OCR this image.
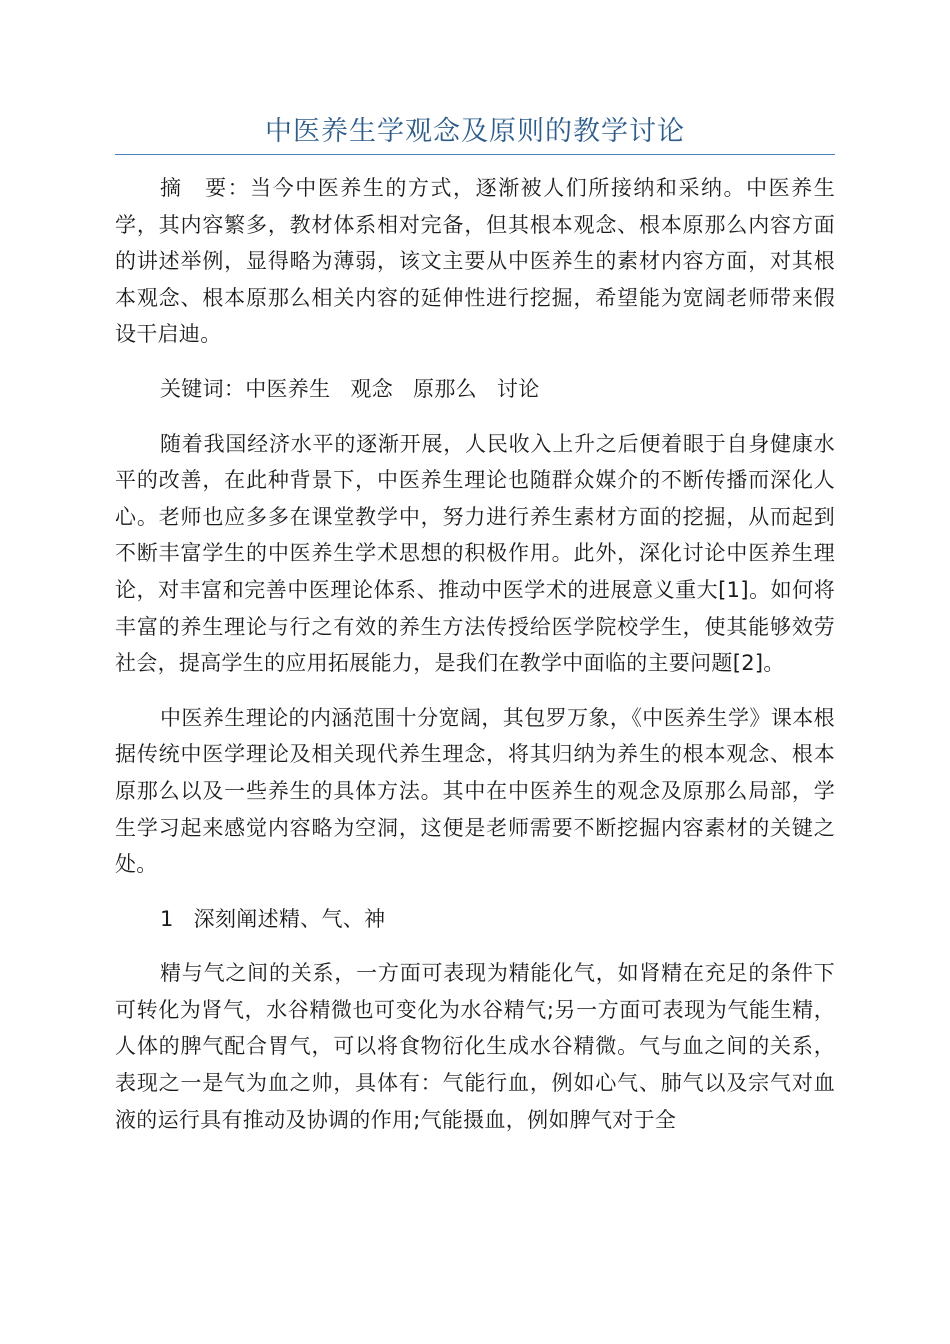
中医养生学观念及原则的教学讨论

摘　要：当今中医养生的方式，逐渐被人们所接纳和采纳。中医养生学，其内容繁多，教材体系相对完备，但其根本观念、根本原那么内容方面的讲述举例，显得略为薄弱，该文主要从中医养生的素材内容方面，对其根本观念、根本原那么相关内容的延伸性进行挖掘，希望能为宽阔老师带来假设干启迪。

关键词：中医养生 观念 原那么 讨论

随着我国经济水平的逐渐开展，人民收入上升之后便着眼于自身健康水平的改善，在此种背景下，中医养生理论也随群众媒介的不断传播而深化人心。老师也应多多在课堂教学中，努力进行养生素材方面的挖掘，从而起到不断丰富学生的中医养生学术思想的积极作用。此外，深化讨论中医养生理论，对丰富和完善中医理论体系、推动中医学术的进展意义重大[1]。如何将丰富的养生理论与行之有效的养生方法传授给医学院校学生，使其能够效劳社会，提高学生的应用拓展能力，是我们在教学中面临的主要问题[2]。

中医养生理论的内涵范围十分宽阔，其包罗万象，《中医养生学》课本根据传统中医学理论及相关现代养生理念，将其归纳为养生的根本观念、根本原那么以及一些养生的具体方法。其中在中医养生的观念及原那么局部，学生学习起来感觉内容略为空洞，这便是老师需要不断挖掘内容素材的关键之处。

1 深刻阐述精、气、神

精与气之间的关系，一方面可表现为精能化气，如肾精在充足的条件下可转化为肾气，水谷精微也可变化为水谷精气;另一方面可表现为气能生精，人体的脾气配合胃气，可以将食物衍化生成水谷精微。气与血之间的关系，表现之一是气为血之帅，具体有：气能行血，例如心气、肺气以及宗气对血液的运行具有推动及协调的作用;气能摄血，例如脾气对于全
